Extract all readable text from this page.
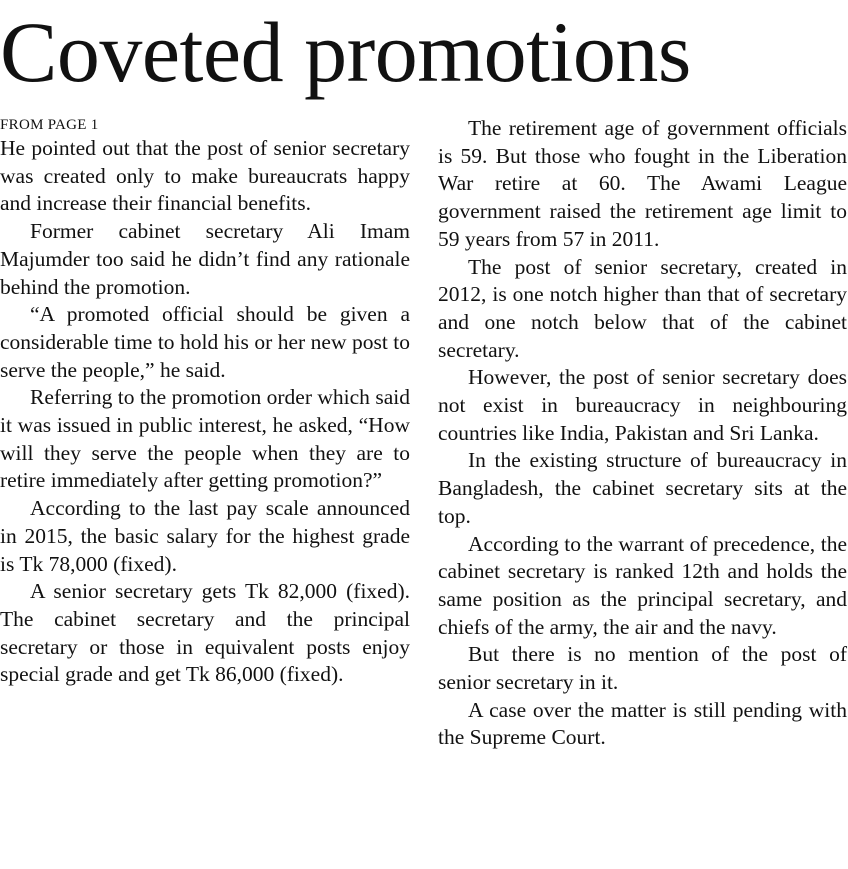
Coveted promotions
FROM PAGE 1

He pointed out that the post of senior secretary was created only to make bureaucrats happy and increase their financial benefits.

Former cabinet secretary Ali Imam Majumder too said he didn’t find any rationale behind the promotion.

“A promoted official should be given a considerable time to hold his or her new post to serve the people,” he said.

Referring to the promotion order which said it was issued in public interest, he asked, “How will they serve the people when they are to retire immediately after getting promotion?”

According to the last pay scale announced in 2015, the basic salary for the highest grade is Tk 78,000 (fixed).

A senior secretary gets Tk 82,000 (fixed). The cabinet secretary and the principal secretary or those in equivalent posts enjoy special grade and get Tk 86,000 (fixed).

The retirement age of government officials is 59. But those who fought in the Liberation War retire at 60. The Awami League government raised the retirement age limit to 59 years from 57 in 2011.

The post of senior secretary, created in 2012, is one notch higher than that of secretary and one notch below that of the cabinet secretary.

However, the post of senior secretary does not exist in bureaucracy in neighbouring countries like India, Pakistan and Sri Lanka.

In the existing structure of bureaucracy in Bangladesh, the cabinet secretary sits at the top.

According to the warrant of precedence, the cabinet secretary is ranked 12th and holds the same position as the principal secretary, and chiefs of the army, the air and the navy.

But there is no mention of the post of senior secretary in it.

A case over the matter is still pending with the Supreme Court.
